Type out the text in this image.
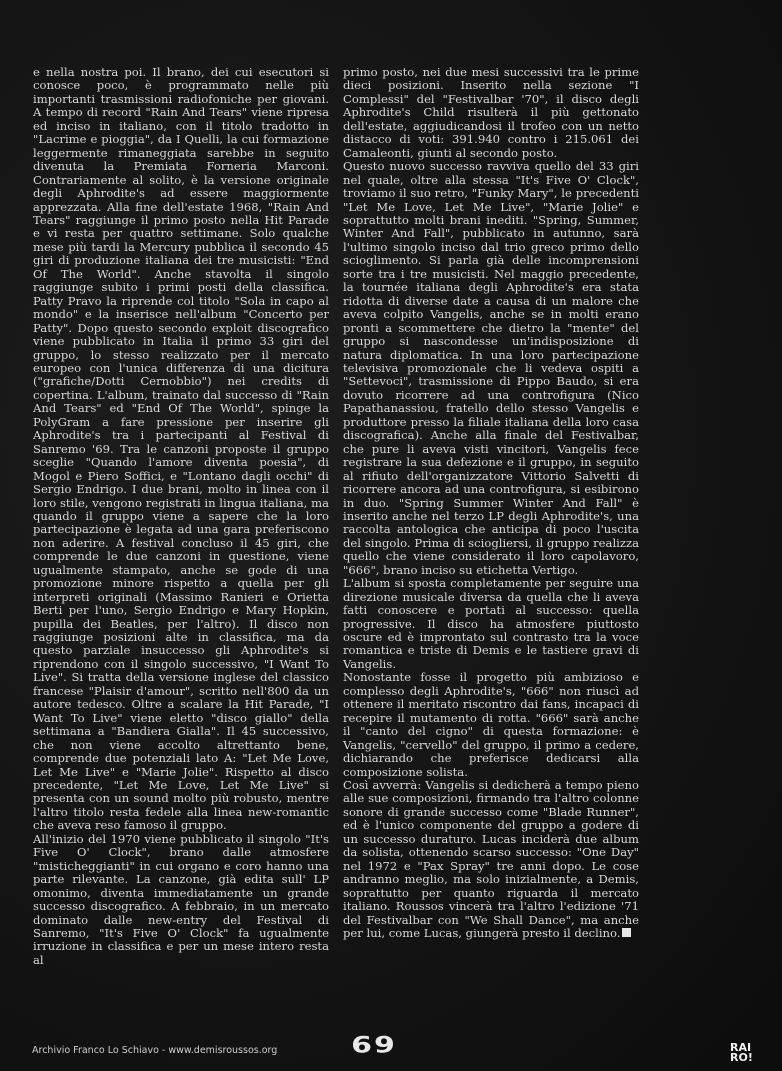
e nella nostra poi. Il brano, dei cui esecutori si conosce poco, è programmato nelle più importanti trasmissioni radiofoniche per giovani. A tempo di record "Rain And Tears" viene ripresa ed inciso in italiano, con il titolo tradotto in "Lacrime e pioggia", da I Quelli, la cui formazione leggermente rimaneggiata sarebbe in seguito divenuta la Premiata Forneria Marconi. Contrariamente al solito, è la versione originale degli Aphrodite's ad essere maggiormente apprezzata. Alla fine dell'estate 1968, "Rain And Tears" raggiunge il primo posto nella Hit Parade e vi resta per quattro settimane. Solo qualche mese più tardi la Mercury pubblica il secondo 45 giri di produzione italiana dei tre musicisti: "End Of The World". Anche stavolta il singolo raggiunge subito i primi posti della classifica. Patty Pravo la riprende col titolo "Sola in capo al mondo" e la inserisce nell'album "Concerto per Patty". Dopo questo secondo exploit discografico viene pubblicato in Italia il primo 33 giri del gruppo, lo stesso realizzato per il mercato europeo con l'unica differenza di una dicitura ("grafiche/Dotti Cernobbio") nei credits di copertina. L'album, trainato dal successo di "Rain And Tears" ed "End Of The World", spinge la PolyGram a fare pressione per inserire gli Aphrodite's tra i partecipanti al Festival di Sanremo '69. Tra le canzoni proposte il gruppo sceglie "Quando l'amore diventa poesia", di Mogol e Piero Soffici, e "Lontano dagli occhi" di Sergio Endrigo. I due brani, molto in linea con il loro stile, vengono registrati in lingua italiana, ma quando il gruppo viene a sapere che la loro partecipazione è legata ad una gara preferiscono non aderire. A festival concluso il 45 giri, che comprende le due canzoni in questione, viene ugualmente stampato, anche se gode di una promozione minore rispetto a quella per gli interpreti originali (Massimo Ranieri e Orietta Berti per l'uno, Sergio Endrigo e Mary Hopkin, pupilla dei Beatles, per l'altro). Il disco non raggiunge posizioni alte in classifica, ma da questo parziale insuccesso gli Aphrodite's si riprendono con il singolo successivo, "I Want To Live". Si tratta della versione inglese del classico francese "Plaisir d'amour", scritto nell'800 da un autore tedesco. Oltre a scalare la Hit Parade, "I Want To Live" viene eletto "disco giallo" della settimana a "Bandiera Gialla". Il 45 successivo, che non viene accolto altrettanto bene, comprende due potenziali lato A: "Let Me Love, Let Me Live" e "Marie Jolie". Rispetto al disco precedente, "Let Me Love, Let Me Live" si presenta con un sound molto più robusto, mentre l'altro titolo resta fedele alla linea new-romantic che aveva reso famoso il gruppo.

All'inizio del 1970 viene pubblicato il singolo "It's Five O' Clock", brano dalle atmosfere "misticheggianti" in cui organo e coro hanno una parte rilevante. La canzone, già edita sull' LP omonimo, diventa immediatamente un grande successo discografico. A febbraio, in un mercato dominato dalle new-entry del Festival di Sanremo, "It's Five O' Clock" fa ugualmente irruzione in classifica e per un mese intero resta al

primo posto, nei due mesi successivi tra le prime dieci posizioni. Inserito nella sezione "I Complessi" del "Festivalbar '70", il disco degli Aphrodite's Child risulterà il più gettonato dell'estate, aggiudicandosi il trofeo con un netto distacco di voti: 391.940 contro i 215.061 dei Camaleonti, giunti al secondo posto.

Questo nuovo successo ravviva quello del 33 giri nel quale, oltre alla stessa "It's Five O' Clock", troviamo il suo retro, "Funky Mary", le precedenti "Let Me Love, Let Me Live", "Marie Jolie" e soprattutto molti brani inediti. "Spring, Summer, Winter And Fall", pubblicato in autunno, sarà l'ultimo singolo inciso dal trio greco primo dello scioglimento. Si parla già delle incomprensioni sorte tra i tre musicisti. Nel maggio precedente, la tournée italiana degli Aphrodite's era stata ridotta di diverse date a causa di un malore che aveva colpito Vangelis, anche se in molti erano pronti a scommettere che dietro la "mente" del gruppo si nascondesse un'indisposizione di natura diplomatica. In una loro partecipazione televisiva promozionale che li vedeva ospiti a "Settevoci", trasmissione di Pippo Baudo, si era dovuto ricorrere ad una controfigura (Nico Papathanassiou, fratello dello stesso Vangelis e produttore presso la filiale italiana della loro casa discografica). Anche alla finale del Festivalbar, che pure li aveva visti vincitori, Vangelis fece registrare la sua defezione e il gruppo, in seguito al rifiuto dell'organizzatore Vittorio Salvetti di ricorrere ancora ad una controfigura, si esibirono in duo. "Spring Summer Winter And Fall" è inserito anche nel terzo LP degli Aphrodite's, una raccolta antologica che anticipa di poco l'uscita del singolo. Prima di sciogliersi, il gruppo realizza quello che viene considerato il loro capolavoro, "666", brano inciso su etichetta Vertigo.

L'album si sposta completamente per seguire una direzione musicale diversa da quella che li aveva fatti conoscere e portati al successo: quella progressive. Il disco ha atmosfere piuttosto oscure ed è improntato sul contrasto tra la voce romantica e triste di Demis e le tastiere gravi di Vangelis.

Nonostante fosse il progetto più ambizioso e complesso degli Aphrodite's, "666" non riuscì ad ottenere il meritato riscontro dai fans, incapaci di recepire il mutamento di rotta. "666" sarà anche il "canto del cigno" di questa formazione: è Vangelis, "cervello" del gruppo, il primo a cedere, dichiarando che preferisce dedicarsi alla composizione solista.

Così avverrà: Vangelis si dedicherà a tempo pieno alle sue composizioni, firmando tra l'altro colonne sonore di grande successo come "Blade Runner", ed è l'unico componente del gruppo a godere di un successo duraturo. Lucas inciderà due album da solista, ottenendo scarso successo: "One Day" nel 1972 e "Pax Spray" tre anni dopo. Le cose andranno meglio, ma solo inizialmente, a Demis, soprattutto per quanto riguarda il mercato italiano. Roussos vincerà tra l'altro l'edizione '71 del Festivalbar con "We Shall Dance", ma anche per lui, come Lucas, giungerà presto il declino.

Archivio Franco Lo Schiavo - www.demisroussos.org	69	RAI
RO!
